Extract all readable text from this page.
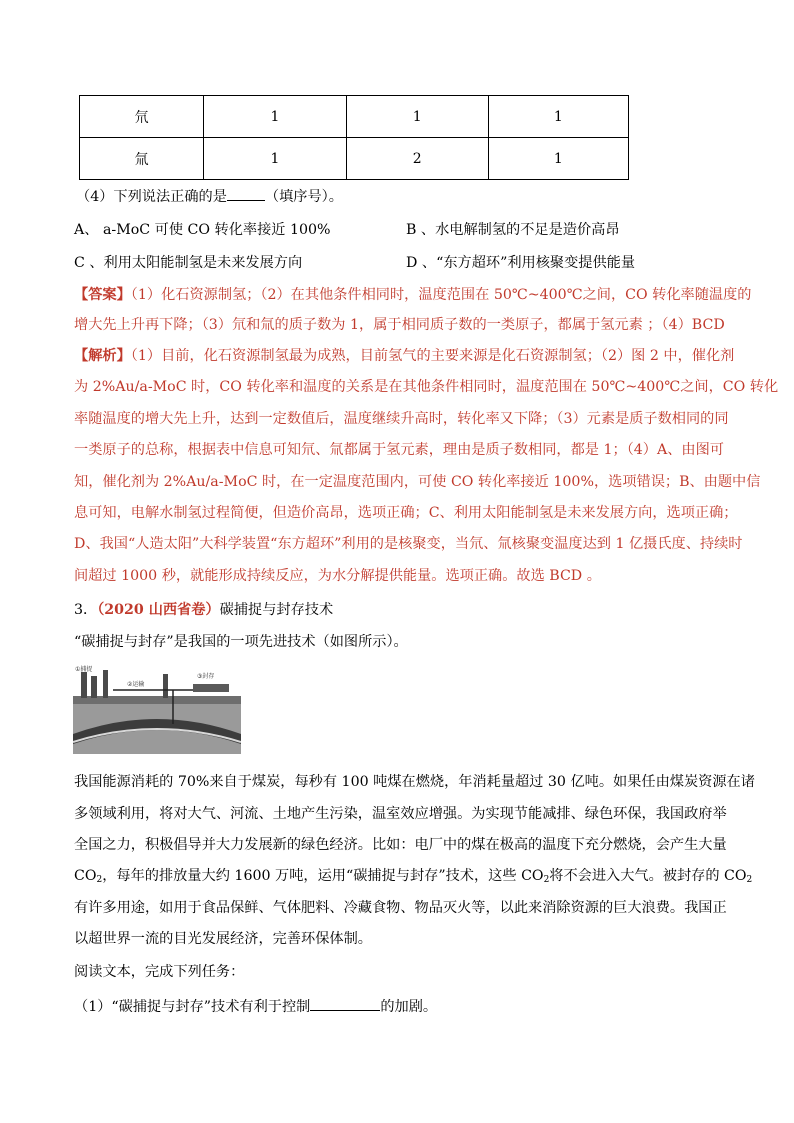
氘	1	1	1
氚	1	2	1
（4）下列说法正确的是	（填序号）。
A、 a-MoC 可使 CO 转化率接近 100%	B 、水电解制氢的不足是造价高昂
C 、利用太阳能制氢是未来发展方向	D 、“东方超环”利用核聚变提供能量
【答案】（1）化石资源制氢；（2）在其他条件相同时，温度范围在 50℃~400℃之间，CO 转化率随温度的
增大先上升再下降；（3）氘和氚的质子数为 1，属于相同质子数的一类原子，都属于氢元素 ；（4）BCD
【解析】（1）目前，化石资源制氢最为成熟，目前氢气的主要来源是化石资源制氢；（2）图 2 中，催化剂
为 2%Au/a-MoC 时，CO 转化率和温度的关系是在其他条件相同时，温度范围在 50℃~400℃之间，CO 转化
率随温度的增大先上升，达到一定数值后，温度继续升高时，转化率又下降；（3）元素是质子数相同的同
一类原子的总称，根据表中信息可知氘、氚都属于氢元素，理由是质子数相同，都是 1；（4）A、由图可
知，催化剂为 2%Au/a-MoC 时，在一定温度范围内，可使 CO 转化率接近 100%，选项错误；B、由题中信
息可知，电解水制氢过程简便，但造价高昂，选项正确；C、利用太阳能制氢是未来发展方向，选项正确；
D、我国“人造太阳”大科学装置“东方超环”利用的是核聚变，当氘、氚核聚变温度达到 1 亿摄氏度、持续时
间超过 1000 秒，就能形成持续反应，为水分解提供能量。选项正确。故选 BCD 。
3．（2020 山西省卷）碳捕捉与封存技术
“碳捕捉与封存”是我国的一项先进技术（如图所示）。
①捕捉
②运输
③封存
我国能源消耗的 70%来自于煤炭，每秒有 100 吨煤在燃烧，年消耗量超过 30 亿吨。如果任由煤炭资源在诸
多领域利用，将对大气、河流、土地产生污染，温室效应增强。为实现节能减排、绿色环保，我国政府举
全国之力，积极倡导并大力发展新的绿色经济。比如：电厂中的煤在极高的温度下充分燃烧，会产生大量
$CO_2$，每年的排放量大约 1600 万吨，运用“碳捕捉与封存”技术，这些 $CO_2$将不会进入大气。被封存的 $CO_2$
有许多用途，如用于食品保鲜、气体肥料、冷藏食物、物品灭火等，以此来消除资源的巨大浪费。我国正
以超世界一流的目光发展经济，完善环保体制。
阅读文本，完成下列任务：
（1）“碳捕捉与封存”技术有利于控制	的加剧。
